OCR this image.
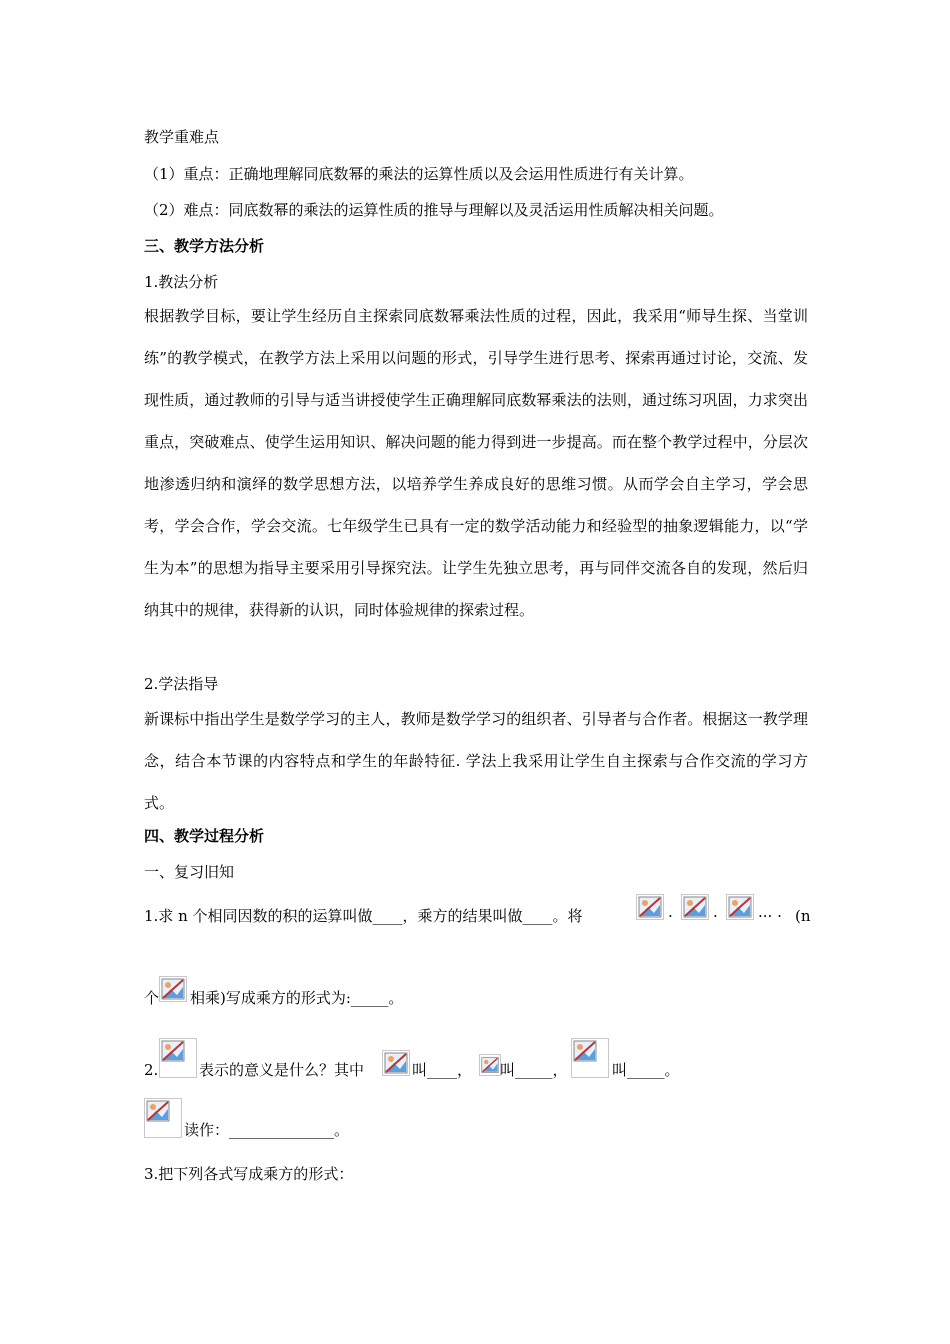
教学重难点
（1）重点：正确地理解同底数幂的乘法的运算性质以及会运用性质进行有关计算。
（2）难点：同底数幂的乘法的运算性质的推导与理解以及灵活运用性质解决相关问题。
三、教学方法分析
1.教法分析
根据教学目标，要让学生经历自主探索同底数幂乘法性质的过程，因此，我采用“师导生探、当堂训练”的教学模式，在教学方法上采用以问题的形式，引导学生进行思考、探索再通过讨论，交流、发现性质，通过教师的引导与适当讲授使学生正确理解同底数幂乘法的法则，通过练习巩固，力求突出重点，突破难点、使学生运用知识、解决问题的能力得到进一步提高。而在整个教学过程中，分层次地渗透归纳和演绎的数学思想方法，以培养学生养成良好的思维习惯。从而学会自主学习，学会思考，学会合作，学会交流。七年级学生已具有一定的数学活动能力和经验型的抽象逻辑能力，以“学生为本”的思想为指导主要采用引导探究法。让学生先独立思考，再与同伴交流各自的发现，然后归纳其中的规律，获得新的认识，同时体验规律的探索过程。
2.学法指导
新课标中指出学生是数学学习的主人，教师是数学学习的组织者、引导者与合作者。根据这一教学理念，结合本节课的内容特点和学生的年龄特征. 学法上我采用让学生自主探索与合作交流的学习方式。
四、教学过程分析
一、复习旧知
1.求 n 个相同因数的积的运算叫做____，乘方的结果叫做____。将	·	·	··· · (n
个 相乘)写成乘方的形式为:_____。
2.	表示的意义是什么？其中	叫____， 叫_____，	叫_____。
读作：______________。
3.把下列各式写成乘方的形式：
